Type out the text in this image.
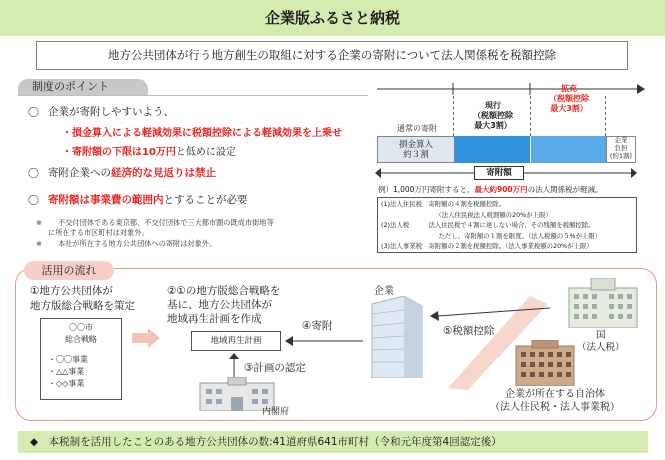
企業版ふるさと納税
地方公共団体が行う地方創生の取組に対する企業の寄附について法人関係税を税額控除
制度のポイント
〇 企業が寄附しやすいよう、
・損金算入による軽減効果に税額控除による軽減効果を上乗せ
・寄附額の下限は10万円と低めに設定
〇 寄附企業への経済的な見返りは禁止
〇 寄附額は事業費の範囲内とすることが必要
※ 不交付団体である東京都、不交付団体で三大都市圏の既成市街地等
に所在する市区町村は対象外。
※ 本社が所在する地方公共団体への寄附は対象外。
通常の寄附
現行
（税額控除
最大3割）
拡充
（税額控除
最大3割）
損金算入
約３割
企業
負担
(約1割)
寄附額
例）1,000万円寄附すると、最大約900万円の法人関係税が軽減。
(1)法人住民税　寄附額の４割を税額控除。
　　　　　　　　　（法人住民税法人税割額の20%が上限）
(2)法人税　　　法人住民税で４割に達しない場合、その残額を税額控除。
　　　　　　　　　ただし、寄附額の１割を限度。（法人税額の５%が上限）
(3)法人事業税　寄附額の２割を税額控除。（法人事業税額の20%が上限）
活用の流れ
①地方公共団体が
地方版総合戦略を策定
〇〇市
総合戦略
・〇〇事業
・△△事業
・◇◇事業
②①の地方版総合戦略を
基に、地方公共団体が
地域再生計画を作成
地域再生計画
③計画の認定
内閣府
④寄附
企業
⑤税額控除	国
（法人税）
企業が所在する自治体
（法人住民税・法人事業税）
◆　 本税制を活用したことのある地方公共団体の数:41道府県641市町村（令和元年度第4回認定後）
